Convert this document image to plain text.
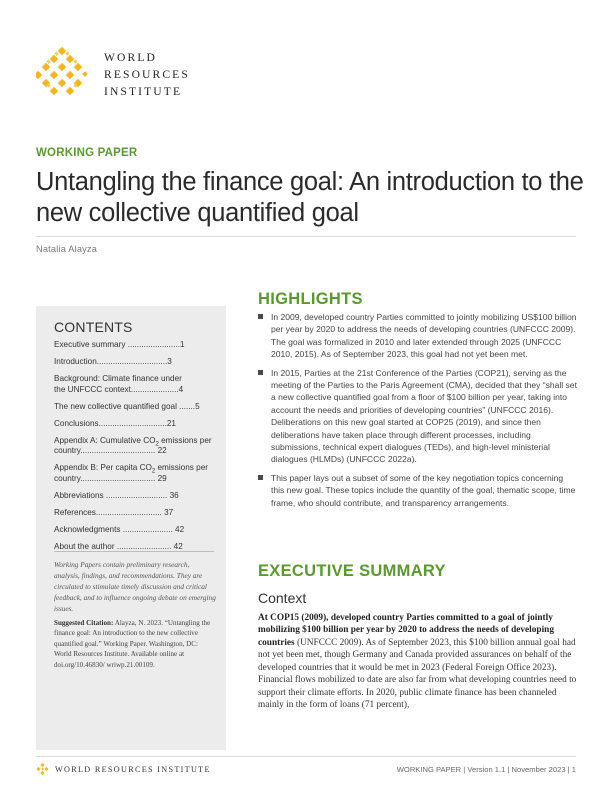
WORLD
RESOURCES
INSTITUTE
WORKING PAPER
Untangling the finance goal: An introduction to the new collective quantified goal
Natalia Alayza
CONTENTS
Executive summary .......................1
Introduction...............................3
Background: Climate finance under
the UNFCCC context.....................4
The new collective quantified goal .......5
Conclusions..............................21
Appendix A: Cumulative $CO_2$ emissions per
country................................. 22
Appendix B: Per capita $CO_2$ emissions per
country................................. 29
Abbreviations ........................... 36
References............................. 37
Acknowledgments ...................... 42
About the author ........................ 42

Working Papers contain preliminary research, analysis, findings, and recommendations. They are circulated to stimulate timely discussion and critical feedback, and to influence ongoing debate on emerging issues.

Suggested Citation: Alayza, N. 2023. “Untangling the finance goal: An introduction to the new collective quantified goal.” Working Paper. Washington, DC: World Resources Institute. Available online at doi.org/10.46830/ wriwp.21.00109.

HIGHLIGHTS
In 2009, developed country Parties committed to jointly mobilizing US$100 billion per year by 2020 to address the needs of developing countries (UNFCCC 2009). The goal was formalized in 2010 and later extended through 2025 (UNFCCC 2010, 2015). As of September 2023, this goal had not yet been met.
In 2015, Parties at the 21st Conference of the Parties (COP21), serving as the meeting of the Parties to the Paris Agreement (CMA), decided that they “shall set a new collective quantified goal from a floor of $100 billion per year, taking into account the needs and priorities of developing countries” (UNFCCC 2016). Deliberations on this new goal started at COP25 (2019), and since then deliberations have taken place through different processes, including submissions, technical expert dialogues (TEDs), and high-level ministerial dialogues (HLMDs) (UNFCCC 2022a).
This paper lays out a subset of some of the key negotiation topics concerning this new goal. These topics include the quantity of the goal, thematic scope, time frame, who should contribute, and transparency arrangements.
EXECUTIVE SUMMARY
Context

At COP15 (2009), developed country Parties committed to a goal of jointly mobilizing $100 billion per year by 2020 to address the needs of developing countries (UNFCCC 2009). As of September 2023, this $100 billion annual goal had not yet been met, though Germany and Canada provided assurances on behalf of the developed countries that it would be met in 2023 (Federal Foreign Office 2023). Financial flows mobilized to date are also far from what developing countries need to support their climate efforts. In 2020, public climate finance has been channeled mainly in the form of loans (71 percent),

WORLD RESOURCES INSTITUTE	WORKING PAPER | Version 1.1 | November 2023 | 1
